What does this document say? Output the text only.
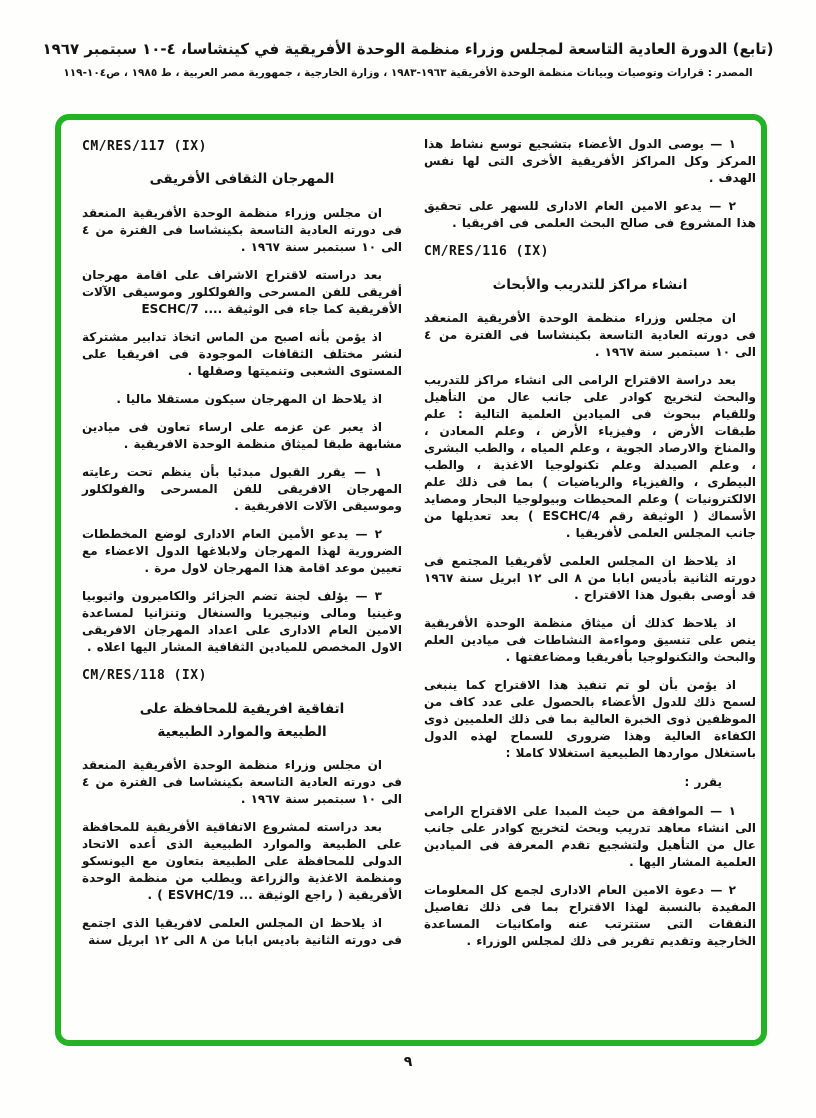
(تابع) الدورة العادية التاسعة لمجلس وزراء منظمة الوحدة الأفريقية في كينشاسا، ٤-١٠ سبتمبر ١٩٦٧
المصدر : قرارات وتوصيات وبيانات منظمة الوحدة الأفريقية ١٩٦٣-١٩٨٣ ، وزارة الخارجية ، جمهورية مصر العربية ، ط ١٩٨٥ ، ص١٠٤-١١٩

١ — يوصى الدول الأعضاء بتشجيع توسع نشاط هذا المركز وكل المراكز الأفريقية الأخرى التى لها نفس الهدف .

٢ — يدعو الامين العام الادارى للسهر على تحقيق هذا المشروع فى صالح البحث العلمى فى افريقيا .

CM/RES/116 (IX)
انشاء مراكز للتدريب والأبحاث

ان مجلس وزراء منظمة الوحدة الأفريقية المنعقد فى دورته العادية التاسعة بكينشاسا فى الفترة من ٤ الى ١٠ سبتمبر سنة ١٩٦٧ .

بعد دراسة الاقتراح الرامى الى انشاء مراكز للتدريب والبحث لتخريج كوادر على جانب عال من التأهيل وللقيام ببحوث فى الميادين العلمية التالية : علم طبقات الأرض ، وفيزياء الأرض ، وعلم المعادن ، والمناخ والارصاد الجوية ، وعلم المياه ، والطب البشرى ، وعلم الصيدلة وعلم تكنولوجيا الاغذية ، والطب البيطرى ، والفيزياء والرياضيات ) بما فى ذلك علم الالكترونيات ) وعلم المحيطات وبيولوجيا البحار ومصايد الأسماك ( الوثيقة رقم ESCHC/4 ) بعد تعديلها من جانب المجلس العلمى لأفريقيا .

اذ يلاحظ ان المجلس العلمى لأفريقيا المجتمع فى دورته الثانية بأديس ابابا من ٨ الى ١٢ ابريل سنة ١٩٦٧ قد أوصى بقبول هذا الاقتراح .

اذ يلاحظ كذلك أن ميثاق منظمة الوحدة الأفريقية ينص على تنسيق ومواءمة النشاطات فى ميادين العلم والبحث والتكنولوجيا بأفريقيا ومضاعفتها .

اذ يؤمن بأن لو تم تنفيذ هذا الاقتراح كما ينبغى لسمح ذلك للدول الأعضاء بالحصول على عدد كاف من الموظفين ذوى الخبرة العالية بما فى ذلك العلميين ذوى الكفاءة العالية وهذا ضرورى للسماح لهذه الدول باستغلال مواردها الطبيعية استغلالا كاملا :

يقرر :

١ — الموافقة من حيث المبدا على الاقتراح الرامى الى انشاء معاهد تدريب وبحث لتخريج كوادر على جانب عال من التأهيل ولتشجيع تقدم المعرفة فى الميادين العلمية المشار اليها .

٢ — دعوة الامين العام الادارى لجمع كل المعلومات المفيدة بالنسبة لهذا الاقتراح بما فى ذلك تفاصيل النفقات التى ستترتب عنه وامكانيات المساعدة الخارجية وتقديم تقرير فى ذلك لمجلس الوزراء .

CM/RES/117 (IX)
المهرجان الثقافى الأفريقى

ان مجلس وزراء منظمة الوحدة الأفريقية المنعقد فى دورته العادية التاسعة بكينشاسا فى الفترة من ٤ الى ١٠ سبتمبر سنة ١٩٦٧ .

بعد دراسته لاقتراح الاشراف على اقامة مهرجان أفريقى للفن المسرحى والفولكلور وموسيقى الآلات الأفريقية كما جاء فى الوثيقة .... ESCHC/7

اذ يؤمن بأنه اصبح من الماس اتخاذ تدابير مشتركة لنشر مختلف الثقافات الموجودة فى افريقيا على المستوى الشعبى وتنميتها وصقلها .

اذ يلاحظ ان المهرجان سيكون مستقلا ماليا .

اذ يعبر عن عزمه على ارساء تعاون فى ميادين مشابهة طبقا لميثاق منظمة الوحدة الافريقية .

١ — يقرر القبول مبدئيا بأن ينظم تحت رعايته المهرجان الافريقى للفن المسرحى والفولكلور وموسيقى الآلات الافريقية .

٢ — يدعو الأمين العام الادارى لوضع المخططات الضرورية لهذا المهرجان ولابلاغها الدول الاعضاء مع تعيين موعد اقامة هذا المهرجان لاول مرة .

٣ — يؤلف لجنة تضم الجزائر والكاميرون واثيوبيا وغينيا ومالى ونيجيريا والسنغال وتنزانيا لمساعدة الامين العام الادارى على اعداد المهرجان الافريقى الاول المخصص للميادين الثقافية المشار اليها اعلاه .

CM/RES/118 (IX)
اتفاقية افريقية للمحافظة على
الطبيعة والموارد الطبيعية

ان مجلس وزراء منظمة الوحدة الأفريقية المنعقد فى دورته العادية التاسعة بكينشاسا فى الفترة من ٤ الى ١٠ سبتمبر سنة ١٩٦٧ .

بعد دراسته لمشروع الاتفاقية الأفريقية للمحافظة على الطبيعة والموارد الطبيعية الذى أعده الاتحاد الدولى للمحافظة على الطبيعة بتعاون مع اليونسكو ومنظمة الاغذية والزراعة ويطلب من منظمة الوحدة الأفريقية ( راجع الوثيقة ... ESVHC/19 ) .

اذ يلاحظ ان المجلس العلمى لافريقيا الذى اجتمع فى دورته الثانية باديس ابابا من ٨ الى ١٢ ابريل سنة

٩
